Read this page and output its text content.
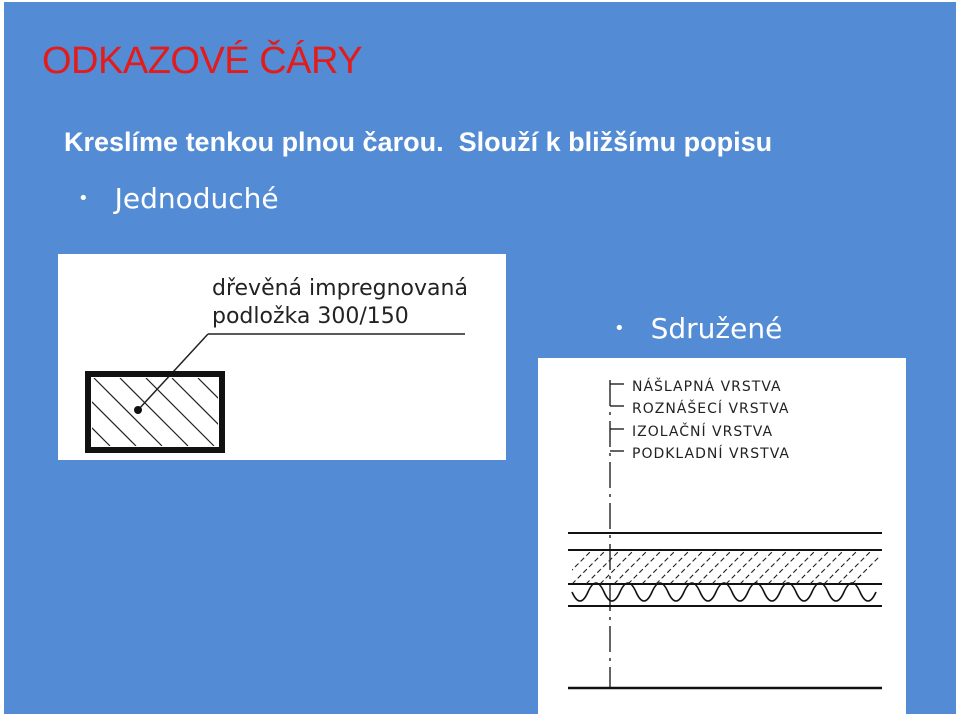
ODKAZOVÉ ČÁRY
Kreslíme tenkou plnou čarou. Slouží k bližšímu popisu
• Jednoduché
• Sdružené
dřevěná impregnovaná
podložka 300/150
NÁŠLAPNÁ VRSTVA
ROZNÁŠECÍ VRSTVA
IZOLAČNÍ VRSTVA
PODKLADNÍ VRSTVA
